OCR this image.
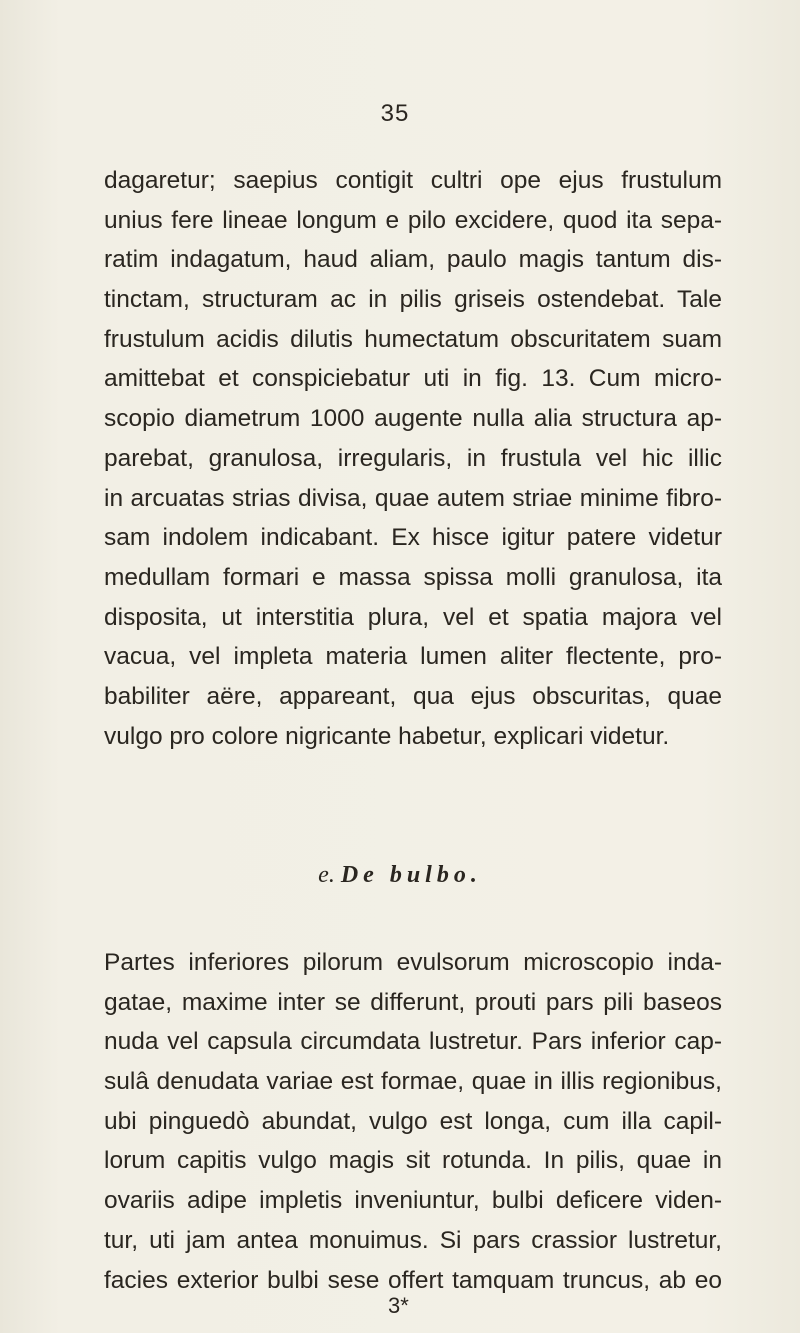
35
dagaretur; saepius contigit cultri ope ejus frustulum
unius fere lineae longum e pilo excidere, quod ita sepa-
ratim indagatum, haud aliam, paulo magis tantum dis-
tinctam, structuram ac in pilis griseis ostendebat. Tale
frustulum acidis dilutis humectatum obscuritatem suam
amittebat et conspiciebatur uti in fig. 13. Cum micro-
scopio diametrum 1000 augente nulla alia structura ap-
parebat, granulosa, irregularis, in frustula vel hic illic
in arcuatas strias divisa, quae autem striae minime fibro-
sam indolem indicabant. Ex hisce igitur patere videtur
medullam formari e massa spissa molli granulosa, ita
disposita, ut interstitia plura, vel et spatia majora vel
vacua, vel impleta materia lumen aliter flectente, pro-
babiliter aëre, appareant, qua ejus obscuritas, quae
vulgo pro colore nigricante habetur, explicari videtur.
e. De bulbo.
Partes inferiores pilorum evulsorum microscopio inda-
gatae, maxime inter se differunt, prouti pars pili baseos
nuda vel capsula circumdata lustretur. Pars inferior cap-
sulâ denudata variae est formae, quae in illis regionibus,
ubi pinguedò abundat, vulgo est longa, cum illa capil-
lorum capitis vulgo magis sit rotunda. In pilis, quae in
ovariis adipe impletis inveniuntur, bulbi deficere viden-
tur, uti jam antea monuimus. Si pars crassior lustretur,
facies exterior bulbi sese offert tamquam truncus, ab eo
3*
